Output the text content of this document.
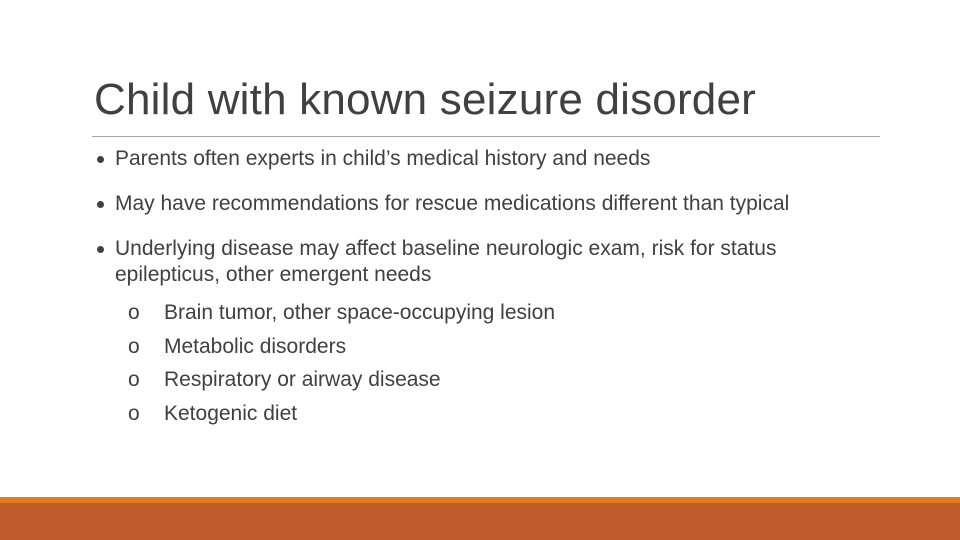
Child with known seizure disorder
Parents often experts in child’s medical history and needs
May have recommendations for rescue medications different than typical
Underlying disease may affect baseline neurologic exam, risk for status epilepticus, other emergent needs
o Brain tumor, other space-occupying lesion
o Metabolic disorders
o Respiratory or airway disease
o Ketogenic diet
